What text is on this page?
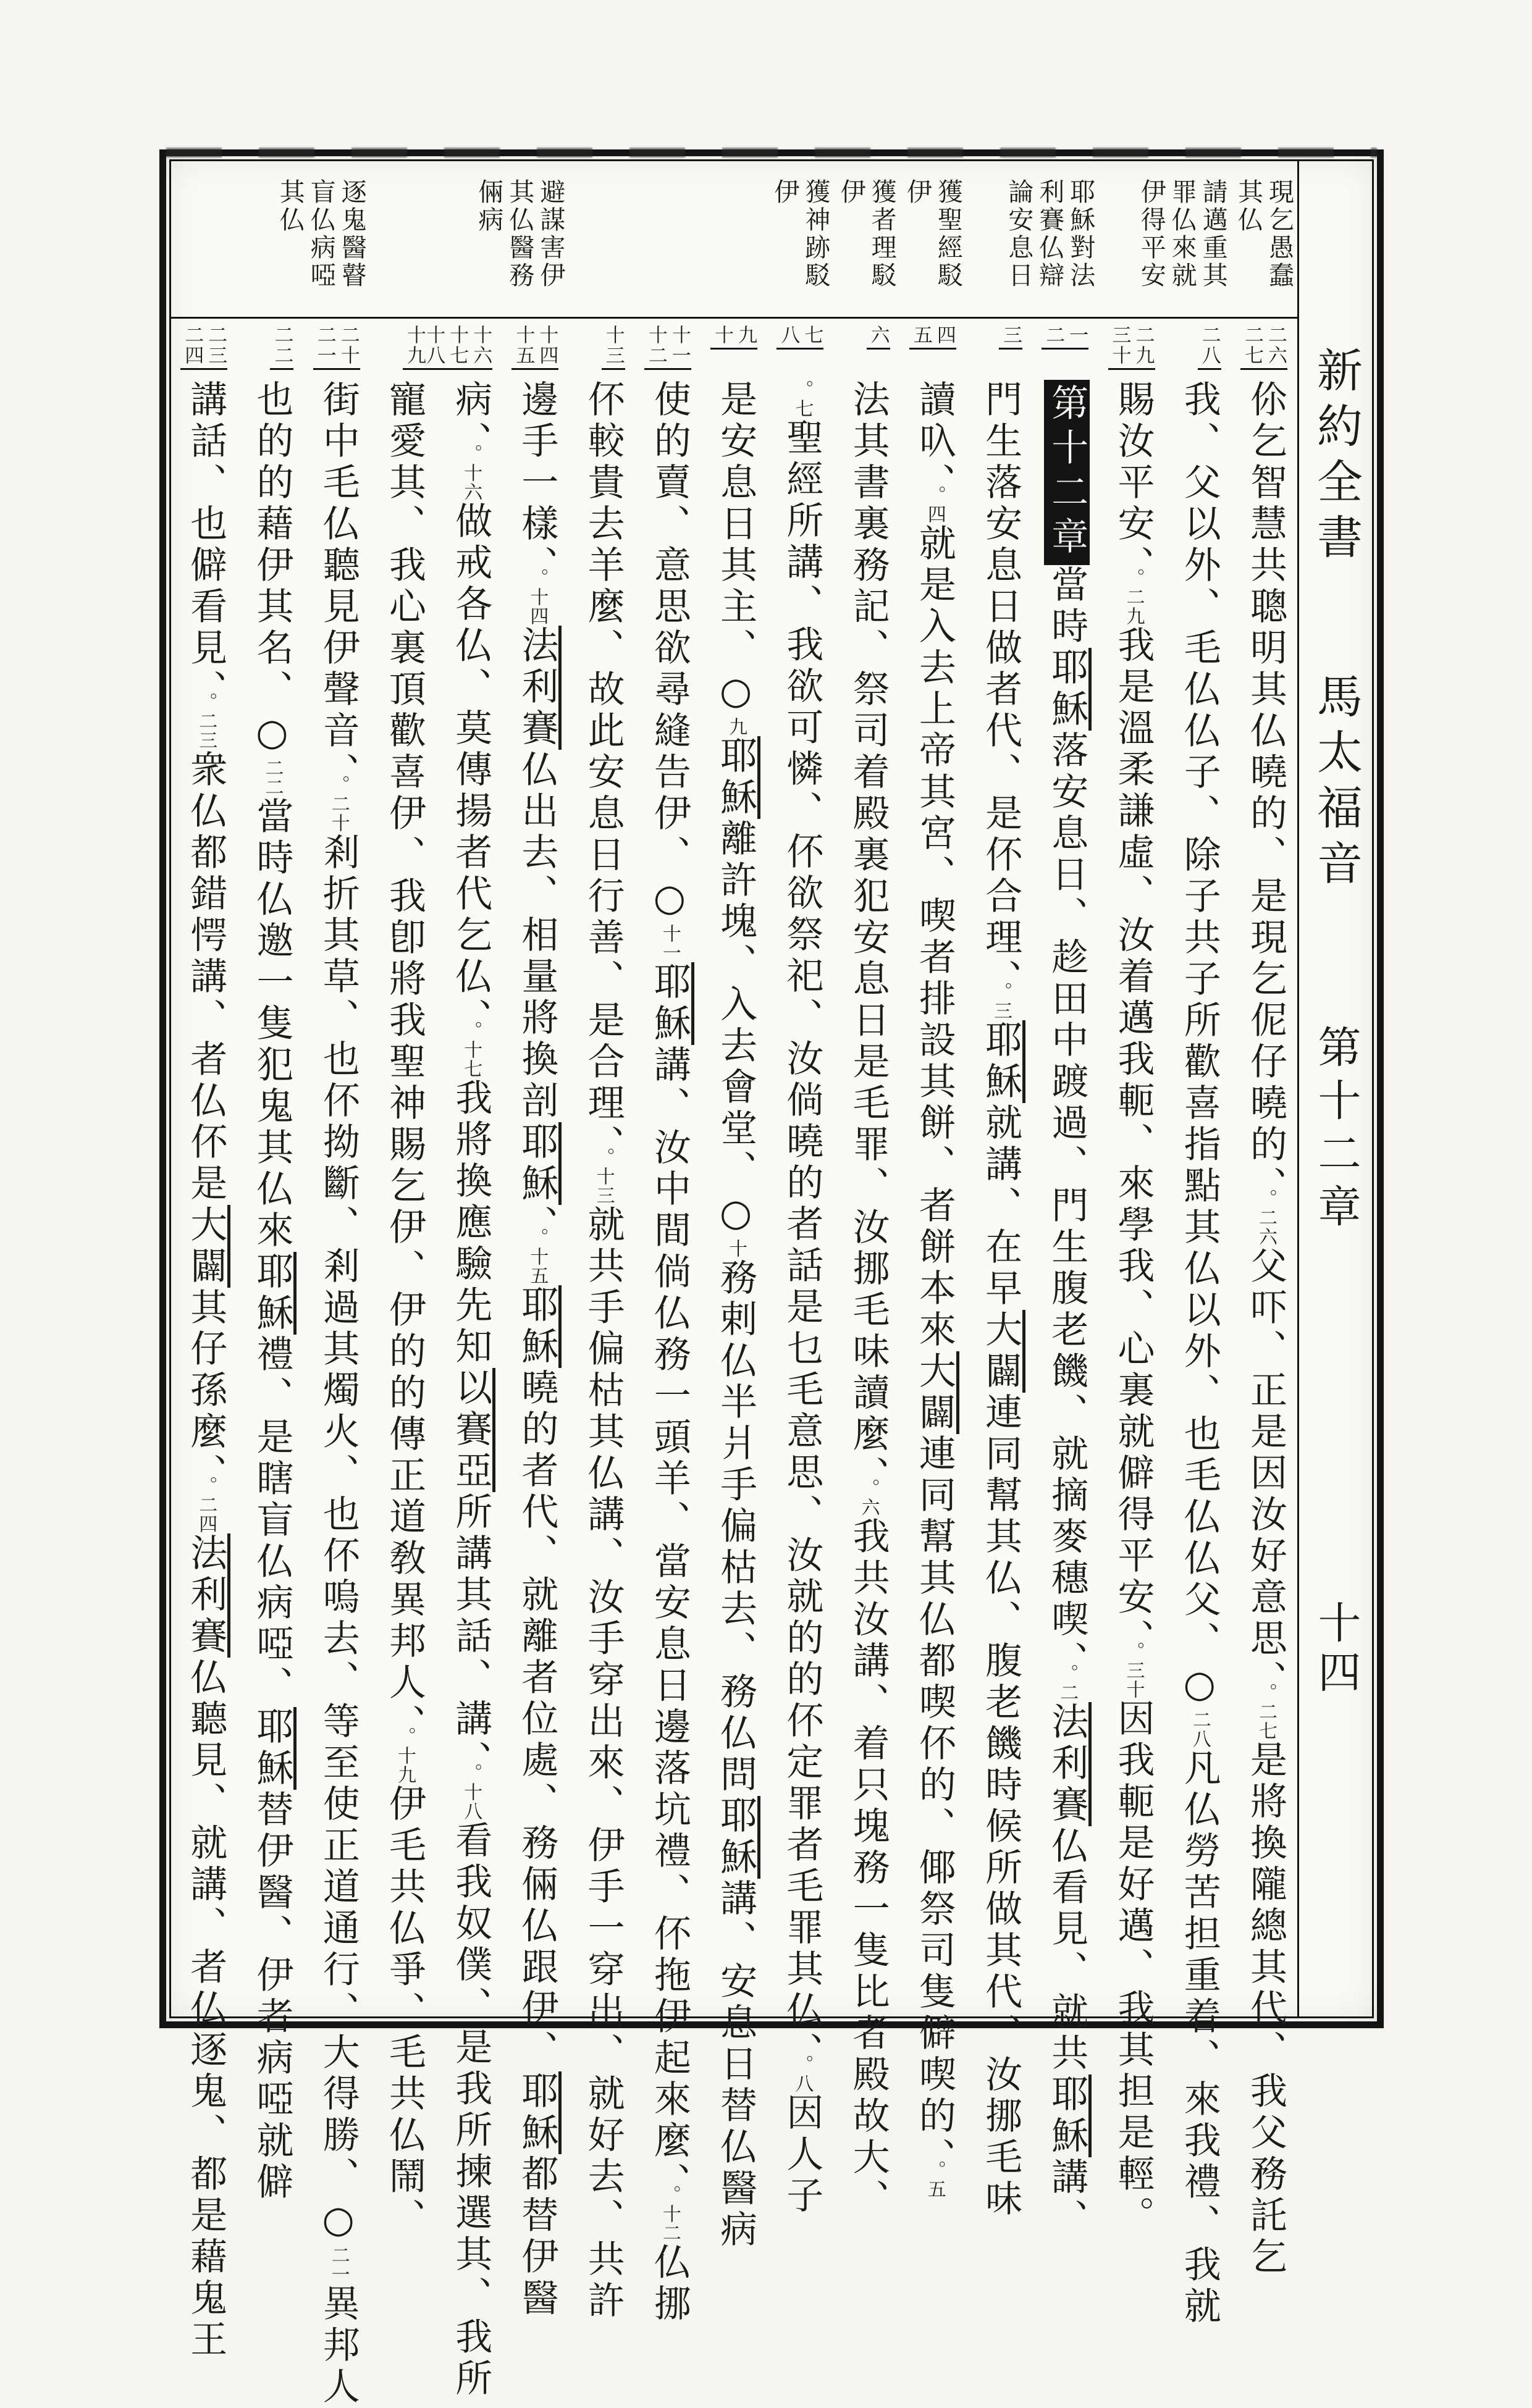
新約全書
馬太福音
第十二章
十四
現乞愚蠢
其仏
請邁重其
罪仏來就
伊得平安
耶穌對法
利賽仏辯
論安息日
獲聖經駁
伊
獲者理駁
伊
獲神跡駁
伊
避謀害伊
其仏醫務
倆病
逐鬼醫瞽
盲仏病啞
其仏
二六
二七
二八
二九
三十
一
二
三
四
五
六
七
八
九
十
十一
十二
十三
十四
十五
十六
十七
十八
十九
二十
二一
二二
二三
二四
伱乞智慧共聰明其仏曉的、是現乞伲仔曉的、。二六父吓、正是因汝好意思、。二七是將換隴總其代、我父務託乞
我、父以外、毛仏仏子、除子共子所歡喜指點其仏以外、也毛仏仏父、○二八凡仏勞苦担重着、來我禮、我就
賜汝平安、。二九我是溫柔謙虛、汝着邁我軛、來學我、心裏就僻得平安、。三十因我軛是好邁、我其担是輕。
第十二章當時耶穌落安息日、趁田中踱過、門生腹老饑、就摘麥穗喫、。二法利賽仏看見、就共耶穌講、
門生落安息日做者代、是伓合理、。三耶穌就講、在早大闢連同幫其仏、腹老饑時候所做其代、汝挪毛味
讀叺、。四就是入去上帝其宮、喫者排設其餅、者餅本來大闢連同幫其仏都喫伓的、倻祭司隻僻喫的、。五
法其書裏務記、祭司着殿裏犯安息日是毛罪、汝挪毛味讀麼、。六我共汝講、着只塊務一隻比者殿故大、
。七聖經所講、我欲可憐、伓欲祭祀、汝倘曉的者話是乜毛意思、汝就的的伓定罪者毛罪其仏、。八因人子
是安息日其主、○九耶穌離許塊、入去會堂、○十務剌仏半爿手偏枯去、務仏問耶穌講、安息日替仏醫病
使的賣、意思欲尋縫告伊、○十一耶穌講、汝中間倘仏務一頭羊、當安息日邊落坑禮、伓拖伊起來麼、。十二仏挪
伓較貴去羊麼、故此安息日行善、是合理、。十三就共手偏枯其仏講、汝手穿出來、伊手一穿出、就好去、共許
邊手一樣、。十四法利賽仏出去、相量將換剖耶穌、。十五耶穌曉的者代、就離者位處、務倆仏跟伊、耶穌都替伊醫
病、。十六做戒各仏、莫傳揚者代乞仏、。十七我將換應驗先知以賽亞所講其話、講、。十八看我奴僕、是我所揀選其、我所
寵愛其、我心裏頂歡喜伊、我卽將我聖神賜乞伊、伊的的傳正道敎異邦人、。十九伊毛共仏爭、毛共仏鬧、
街中毛仏聽見伊聲音、。二十剎折其草、也伓拗斷、剎過其燭火、也伓嗚去、等至使正道通行、大得勝、○二一異邦人
也的的藉伊其名、○二二當時仏邀一隻犯鬼其仏來耶穌禮、是瞎盲仏病啞、耶穌替伊醫、伊者病啞就僻
講話、也僻看見、。二三衆仏都錯愕講、者仏伓是大闢其仔孫麼、。二四法利賽仏聽見、就講、者仏逐鬼、都是藉鬼王
